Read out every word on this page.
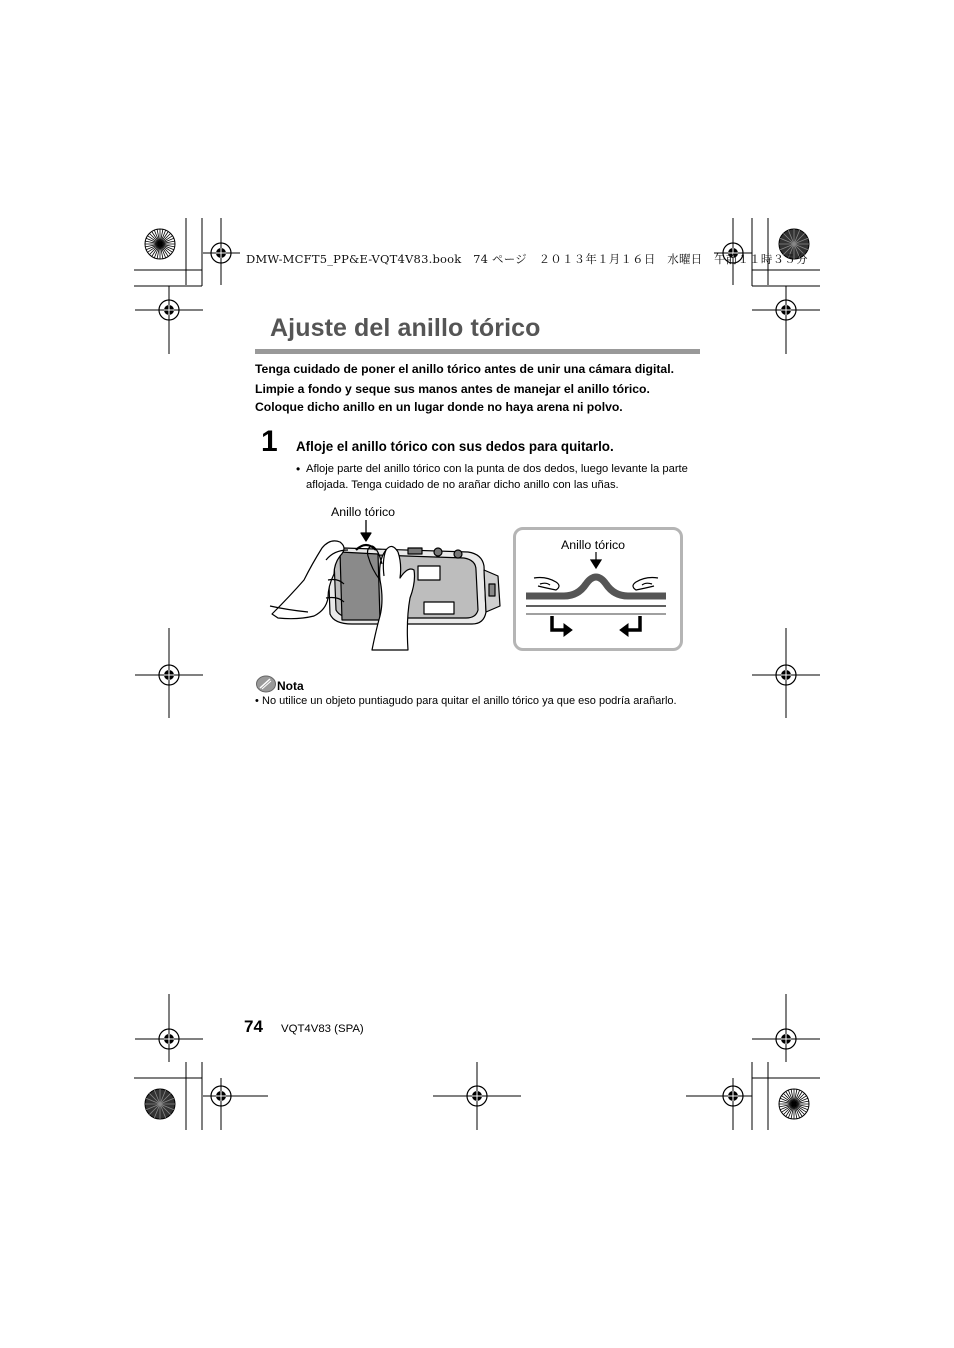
DMW-MCFT5_PP&E-VQT4V83.book　74 ページ　２０１３年１月１６日　水曜日　午前１１時３５分
Ajuste del anillo tórico

Tenga cuidado de poner el anillo tórico antes de unir una cámara digital.

Limpie a fondo y seque sus manos antes de manejar el anillo tórico.

Coloque dicho anillo en un lugar donde no haya arena ni polvo.

1 Afloje el anillo tórico con sus dedos para quitarlo.
• Afloje parte del anillo tórico con la punta de dos dedos, luego levante la parte aflojada. Tenga cuidado de no arañar dicho anillo con las uñas.
Anillo tórico
Anillo tórico
Nota
• No utilice un objeto puntiagudo para quitar el anillo tórico ya que eso podría arañarlo.
74 VQT4V83 (SPA)
